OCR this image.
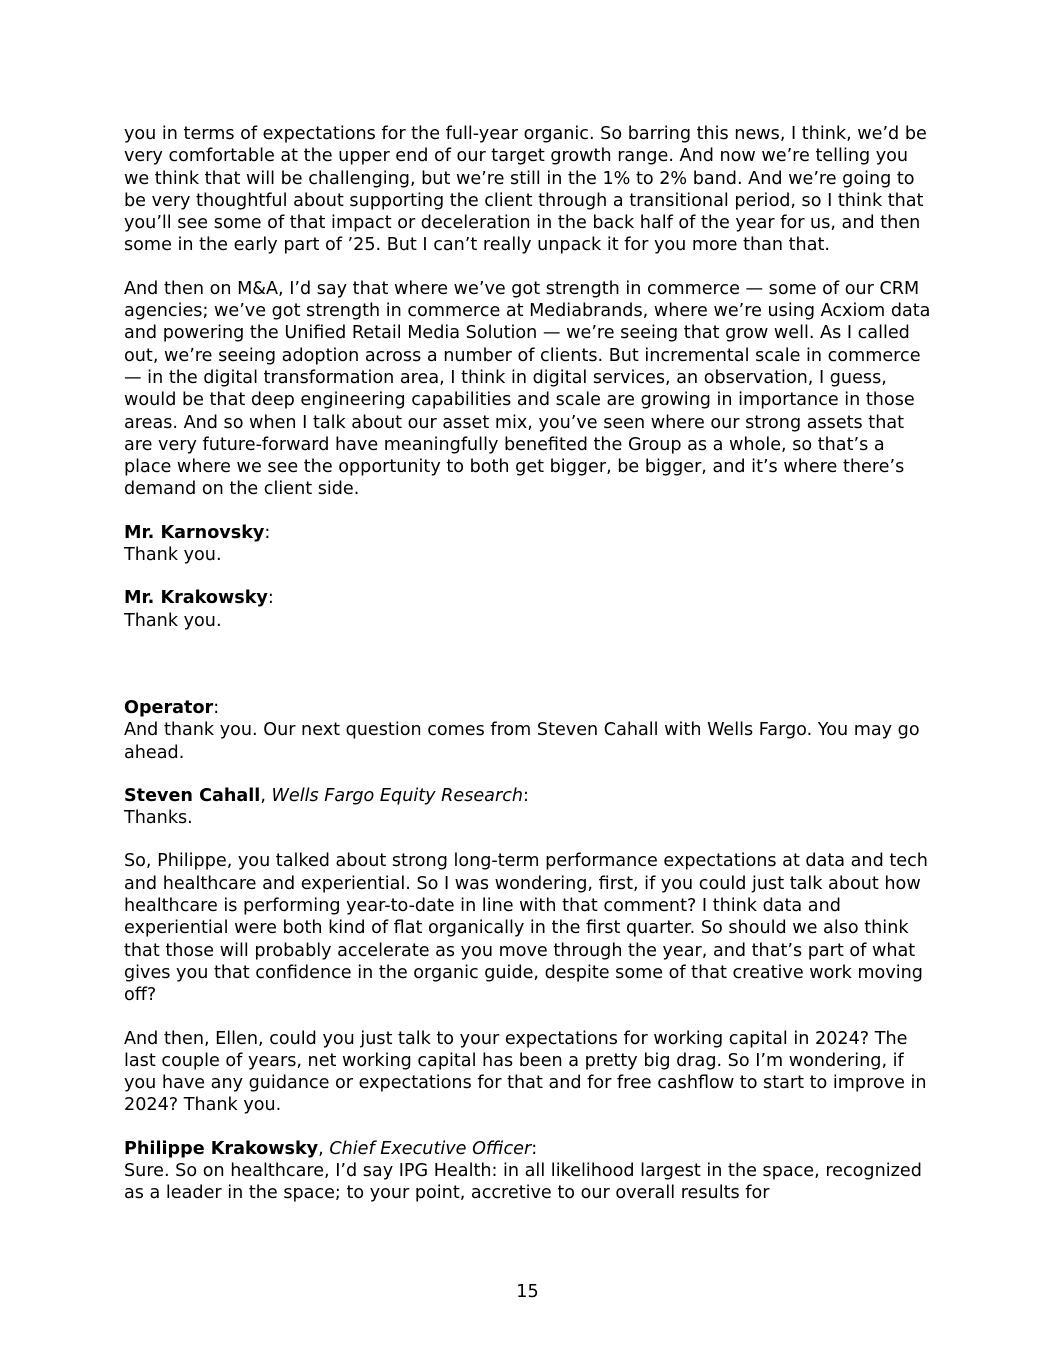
you in terms of expectations for the full-year organic. So barring this news, I think, we’d be very comfortable at the upper end of our target growth range. And now we’re telling you we think that will be challenging, but we’re still in the 1% to 2% band. And we’re going to be very thoughtful about supporting the client through a transitional period, so I think that you’ll see some of that impact or deceleration in the back half of the year for us, and then some in the early part of ’25. But I can’t really unpack it for you more than that.

And then on M&A, I’d say that where we’ve got strength in commerce — some of our CRM agencies; we’ve got strength in commerce at Mediabrands, where we’re using Acxiom data and powering the Unified Retail Media Solution — we’re seeing that grow well. As I called out, we’re seeing adoption across a number of clients. But incremental scale in commerce — in the digital transformation area, I think in digital services, an observation, I guess, would be that deep engineering capabilities and scale are growing in importance in those areas. And so when I talk about our asset mix, you’ve seen where our strong assets that are very future-forward have meaningfully benefited the Group as a whole, so that’s a place where we see the opportunity to both get bigger, be bigger, and it’s where there’s demand on the client side.

Mr. Karnovsky:
Thank you.
Mr. Krakowsky:
Thank you.
Operator:
And thank you. Our next question comes from Steven Cahall with Wells Fargo. You may go ahead.
Steven Cahall, Wells Fargo Equity Research:
Thanks.

So, Philippe, you talked about strong long-term performance expectations at data and tech and healthcare and experiential. So I was wondering, first, if you could just talk about how healthcare is performing year-to-date in line with that comment? I think data and experiential were both kind of flat organically in the first quarter. So should we also think that those will probably accelerate as you move through the year, and that’s part of what gives you that confidence in the organic guide, despite some of that creative work moving off?

And then, Ellen, could you just talk to your expectations for working capital in 2024? The last couple of years, net working capital has been a pretty big drag. So I’m wondering, if you have any guidance or expectations for that and for free cashflow to start to improve in 2024? Thank you.

Philippe Krakowsky, Chief Executive Officer:
Sure. So on healthcare, I’d say IPG Health: in all likelihood largest in the space, recognized as a leader in the space; to your point, accretive to our overall results for
15
